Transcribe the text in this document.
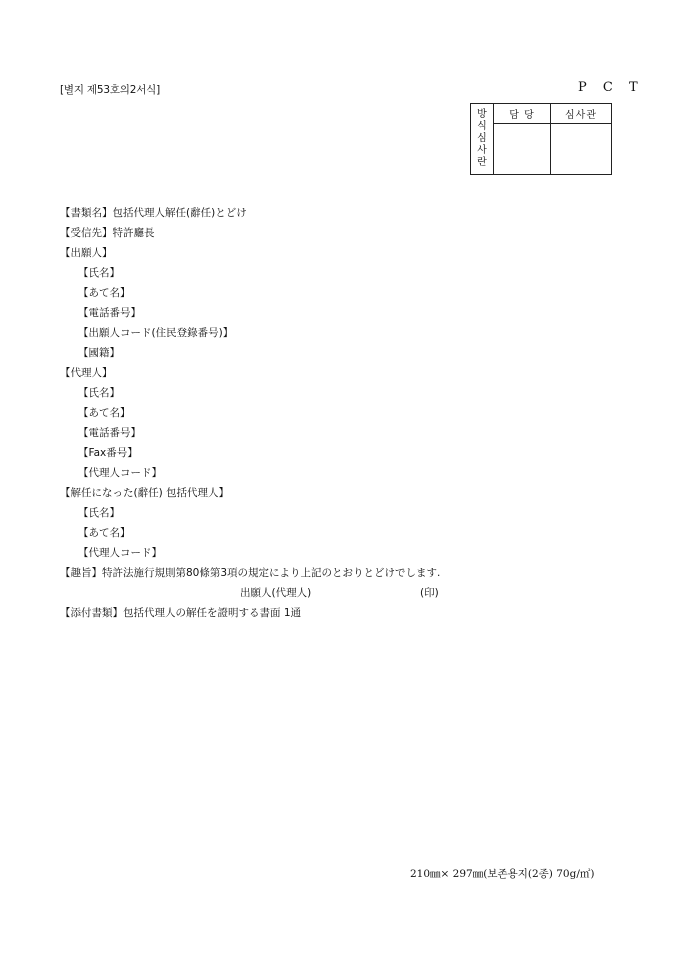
[별지 제53호의2서식]	P C T
방
식
심
사
란	담 당	심사관

【書類名】包括代理人解任(辭任)とどけ
【受信先】特許廳長
【出願人】
【氏名】
【あて名】
【電話番号】
【出願人コード(住民登錄番号)】
【國籍】
【代理人】
【氏名】
【あて名】
【電話番号】
【Fax番号】
【代理人コード】
【解任になった(辭任) 包括代理人】
【氏名】
【あて名】
【代理人コード】
【趣旨】特許法施行規則第80條第3項の規定により上記のとおりとどけでします.
出願人(代理人)	(印)
【添付書類】包括代理人の解任を證明する書面 1通
210㎜× 297㎜(보존용지(2종) 70g/㎡)
